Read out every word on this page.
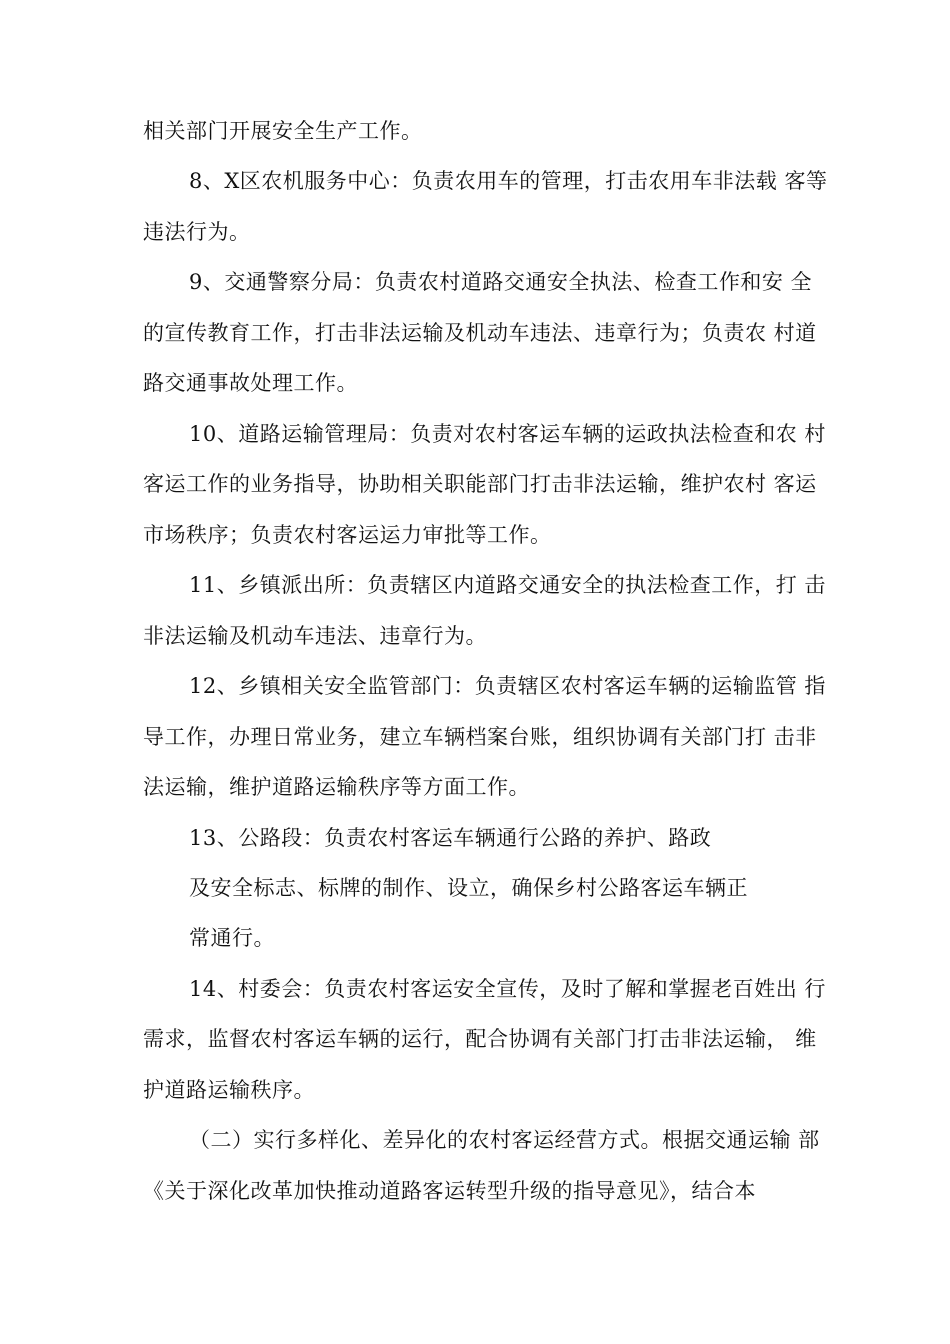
相关部门开展安全生产工作。
8、X区农机服务中心：负责农用车的管理，打击农用车非法载 客等
违法行为。
9、交通警察分局：负责农村道路交通安全执法、检查工作和安 全
的宣传教育工作，打击非法运输及机动车违法、违章行为；负责农 村道
路交通事故处理工作。
10、道路运输管理局：负责对农村客运车辆的运政执法检查和农 村
客运工作的业务指导，协助相关职能部门打击非法运输，维护农村 客运
市场秩序；负责农村客运运力审批等工作。
11、乡镇派出所：负责辖区内道路交通安全的执法检查工作，打 击
非法运输及机动车违法、违章行为。
12、乡镇相关安全监管部门：负责辖区农村客运车辆的运输监管 指
导工作，办理日常业务，建立车辆档案台账，组织协调有关部门打 击非
法运输，维护道路运输秩序等方面工作。
13、公路段：负责农村客运车辆通行公路的养护、路政
及安全标志、标牌的制作、设立，确保乡村公路客运车辆正
常通行。
14、村委会：负责农村客运安全宣传，及时了解和掌握老百姓出 行
需求，监督农村客运车辆的运行，配合协调有关部门打击非法运输， 维
护道路运输秩序。
（二）实行多样化、差异化的农村客运经营方式。根据交通运输 部
《关于深化改革加快推动道路客运转型升级的指导意见》，结合本
